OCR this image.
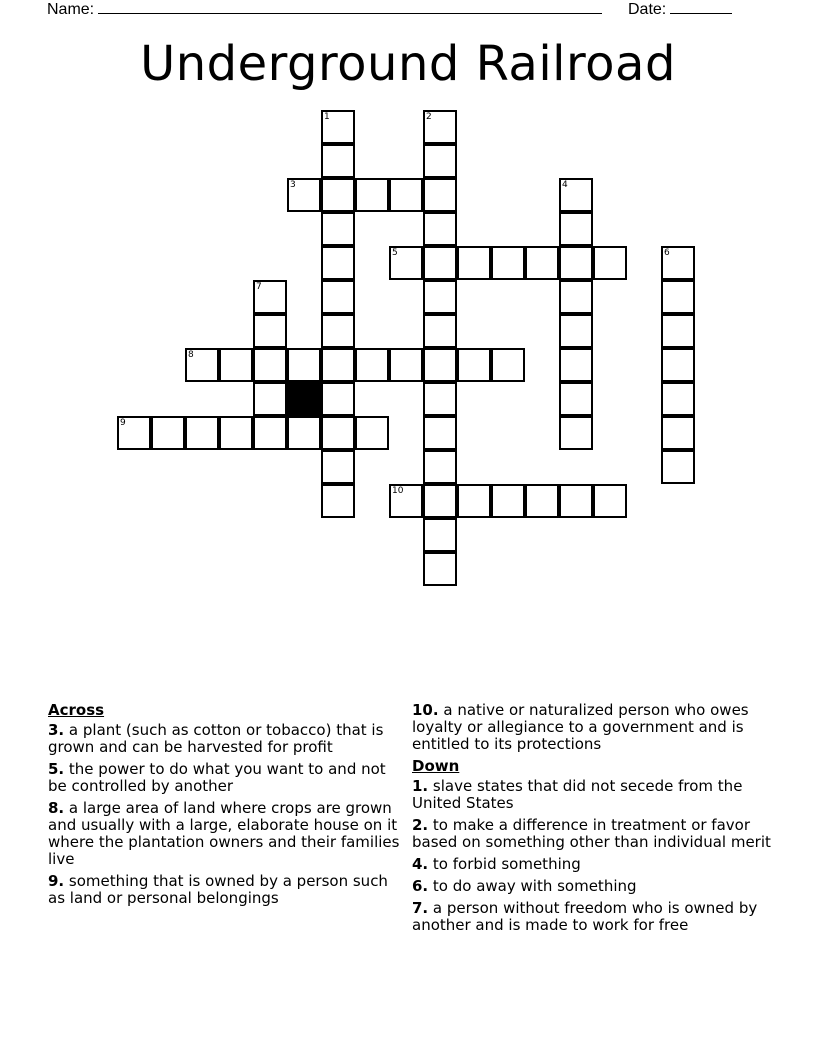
Name:	Date:
Underground Railroad
1	2
3	4
5	6
7
8
9
10
Across
3. a plant (such as cotton or tobacco) that is grown and can be harvested for profit
5. the power to do what you want to and not be controlled by another
8. a large area of land where crops are grown and usually with a large, elaborate house on it where the plantation owners and their families live
9. something that is owned by a person such as land or personal belongings
10. a native or naturalized person who owes loyalty or allegiance to a government and is entitled to its protections
Down
1. slave states that did not secede from the United States
2. to make a difference in treatment or favor based on something other than individual merit
4. to forbid something
6. to do away with something
7. a person without freedom who is owned by another and is made to work for free
